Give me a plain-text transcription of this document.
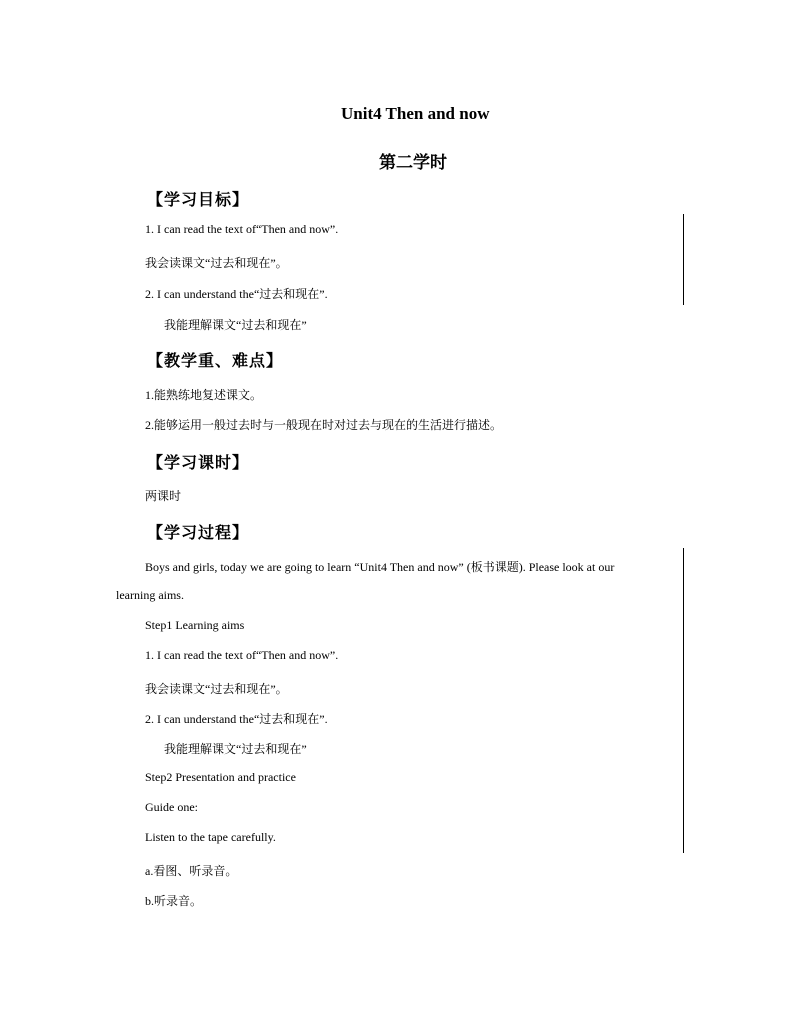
Unit4 Then and now
第二学时
【学习目标】
1. I can read the text of“Then and now”.
我会读课文“过去和现在”。
2. I can understand the“过去和现在”.
我能理解课文“过去和现在”
【教学重、难点】
1.能熟练地复述课文。
2.能够运用一般过去时与一般现在时对过去与现在的生活进行描述。
【学习课时】
两课时
【学习过程】
Boys and girls, today we are going to learn “Unit4 Then and now” (板书课题). Please look at our
learning aims.
Step1 Learning aims
1. I can read the text of“Then and now”.
我会读课文“过去和现在”。
2. I can understand the“过去和现在”.
我能理解课文“过去和现在”
Step2 Presentation and practice
Guide one:
Listen to the tape carefully.
a.看图、听录音。
b.听录音。
